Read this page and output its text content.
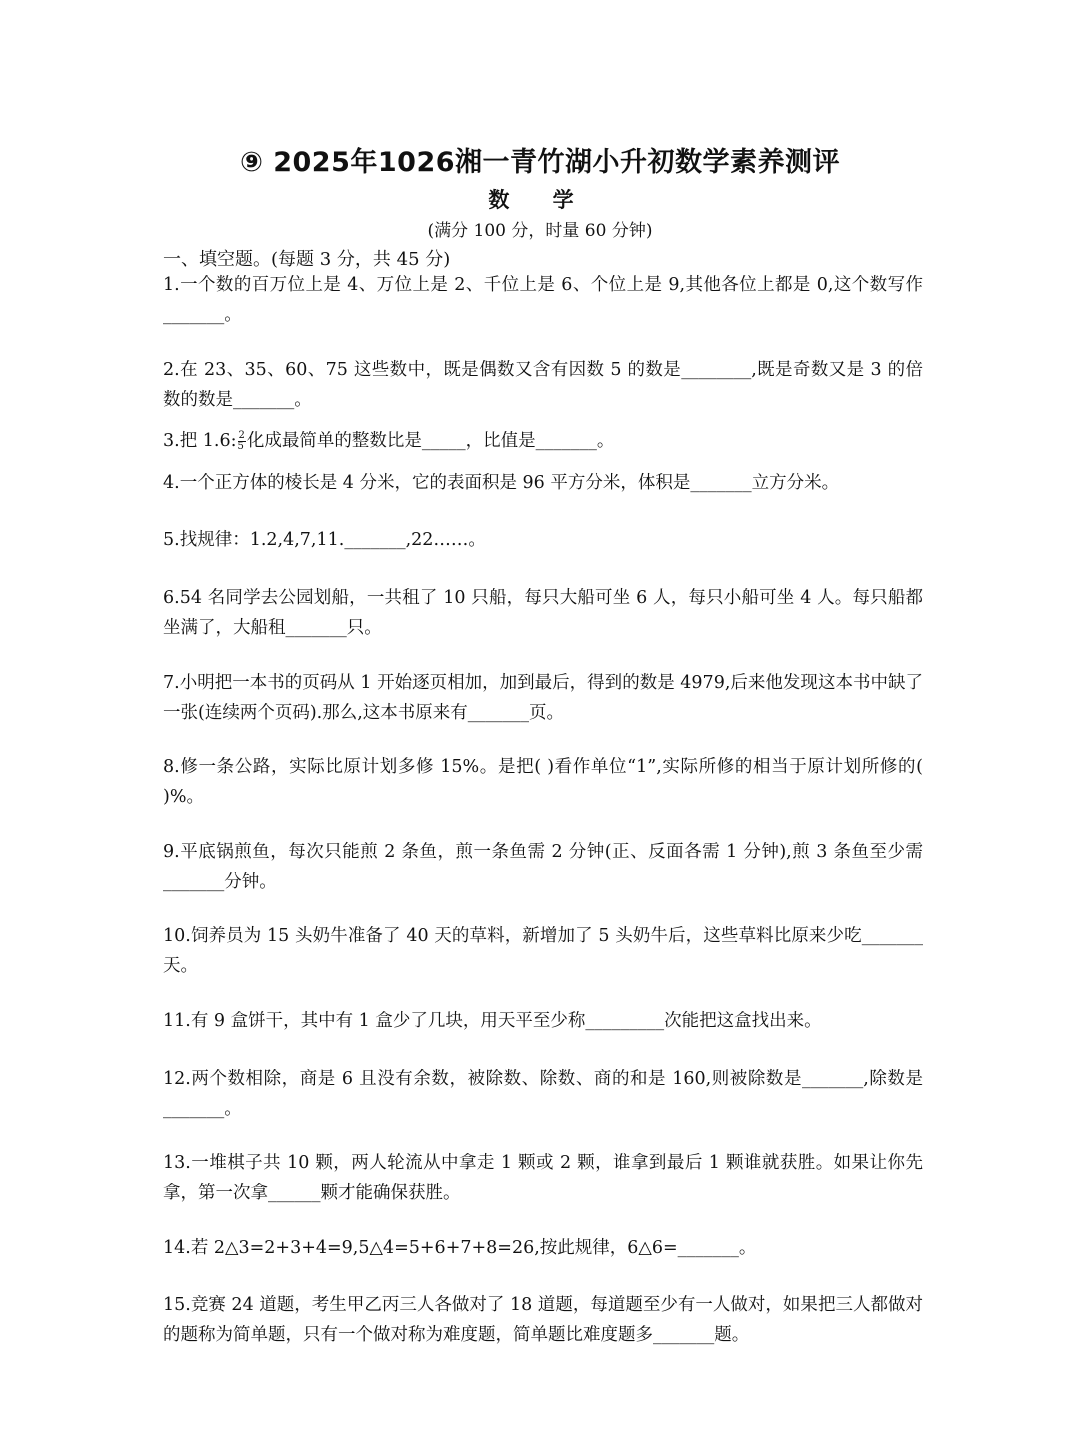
⑨ 2025年1026湘一青竹湖小升初数学素养测评
数 学
(满分 100 分，时量 60 分钟)
一、填空题。(每题 3 分，共 45 分)
1.一个数的百万位上是 4、万位上是 2、千位上是 6、个位上是 9,其他各位上都是 0,这个数写作_______。
2.在 23、35、60、75 这些数中，既是偶数又含有因数 5 的数是________,既是奇数又是 3 的倍数的数是_______。
3.把 1.6: $\frac{2}{5}$ 化成最简单的整数比是_____，比值是_______。
4.一个正方体的棱长是 4 分米，它的表面积是 96 平方分米，体积是_______立方分米。
5.找规律：1.2,4,7,11._______,22……。
6.54 名同学去公园划船，一共租了 10 只船，每只大船可坐 6 人，每只小船可坐 4 人。每只船都坐满了，大船租_______只。
7.小明把一本书的页码从 1 开始逐页相加，加到最后，得到的数是 4979,后来他发现这本书中缺了一张(连续两个页码).那么,这本书原来有_______页。
8.修一条公路，实际比原计划多修 15%。是把( )看作单位“1”,实际所修的相当于原计划所修的( )%。
9.平底锅煎鱼，每次只能煎 2 条鱼，煎一条鱼需 2 分钟(正、反面各需 1 分钟),煎 3 条鱼至少需_______分钟。
10.饲养员为 15 头奶牛准备了 40 天的草料，新增加了 5 头奶牛后，这些草料比原来少吃_______天。
11.有 9 盒饼干，其中有 1 盒少了几块，用天平至少称_________次能把这盒找出来。
12.两个数相除，商是 6 且没有余数，被除数、除数、商的和是 160,则被除数是_______,除数是_______。
13.一堆棋子共 10 颗，两人轮流从中拿走 1 颗或 2 颗，谁拿到最后 1 颗谁就获胜。如果让你先拿，第一次拿______颗才能确保获胜。
14.若 2△3=2+3+4=9,5△4=5+6+7+8=26,按此规律，6△6=_______。
15.竞赛 24 道题，考生甲乙丙三人各做对了 18 道题，每道题至少有一人做对，如果把三人都做对的题称为简单题，只有一个做对称为难度题，简单题比难度题多_______题。
